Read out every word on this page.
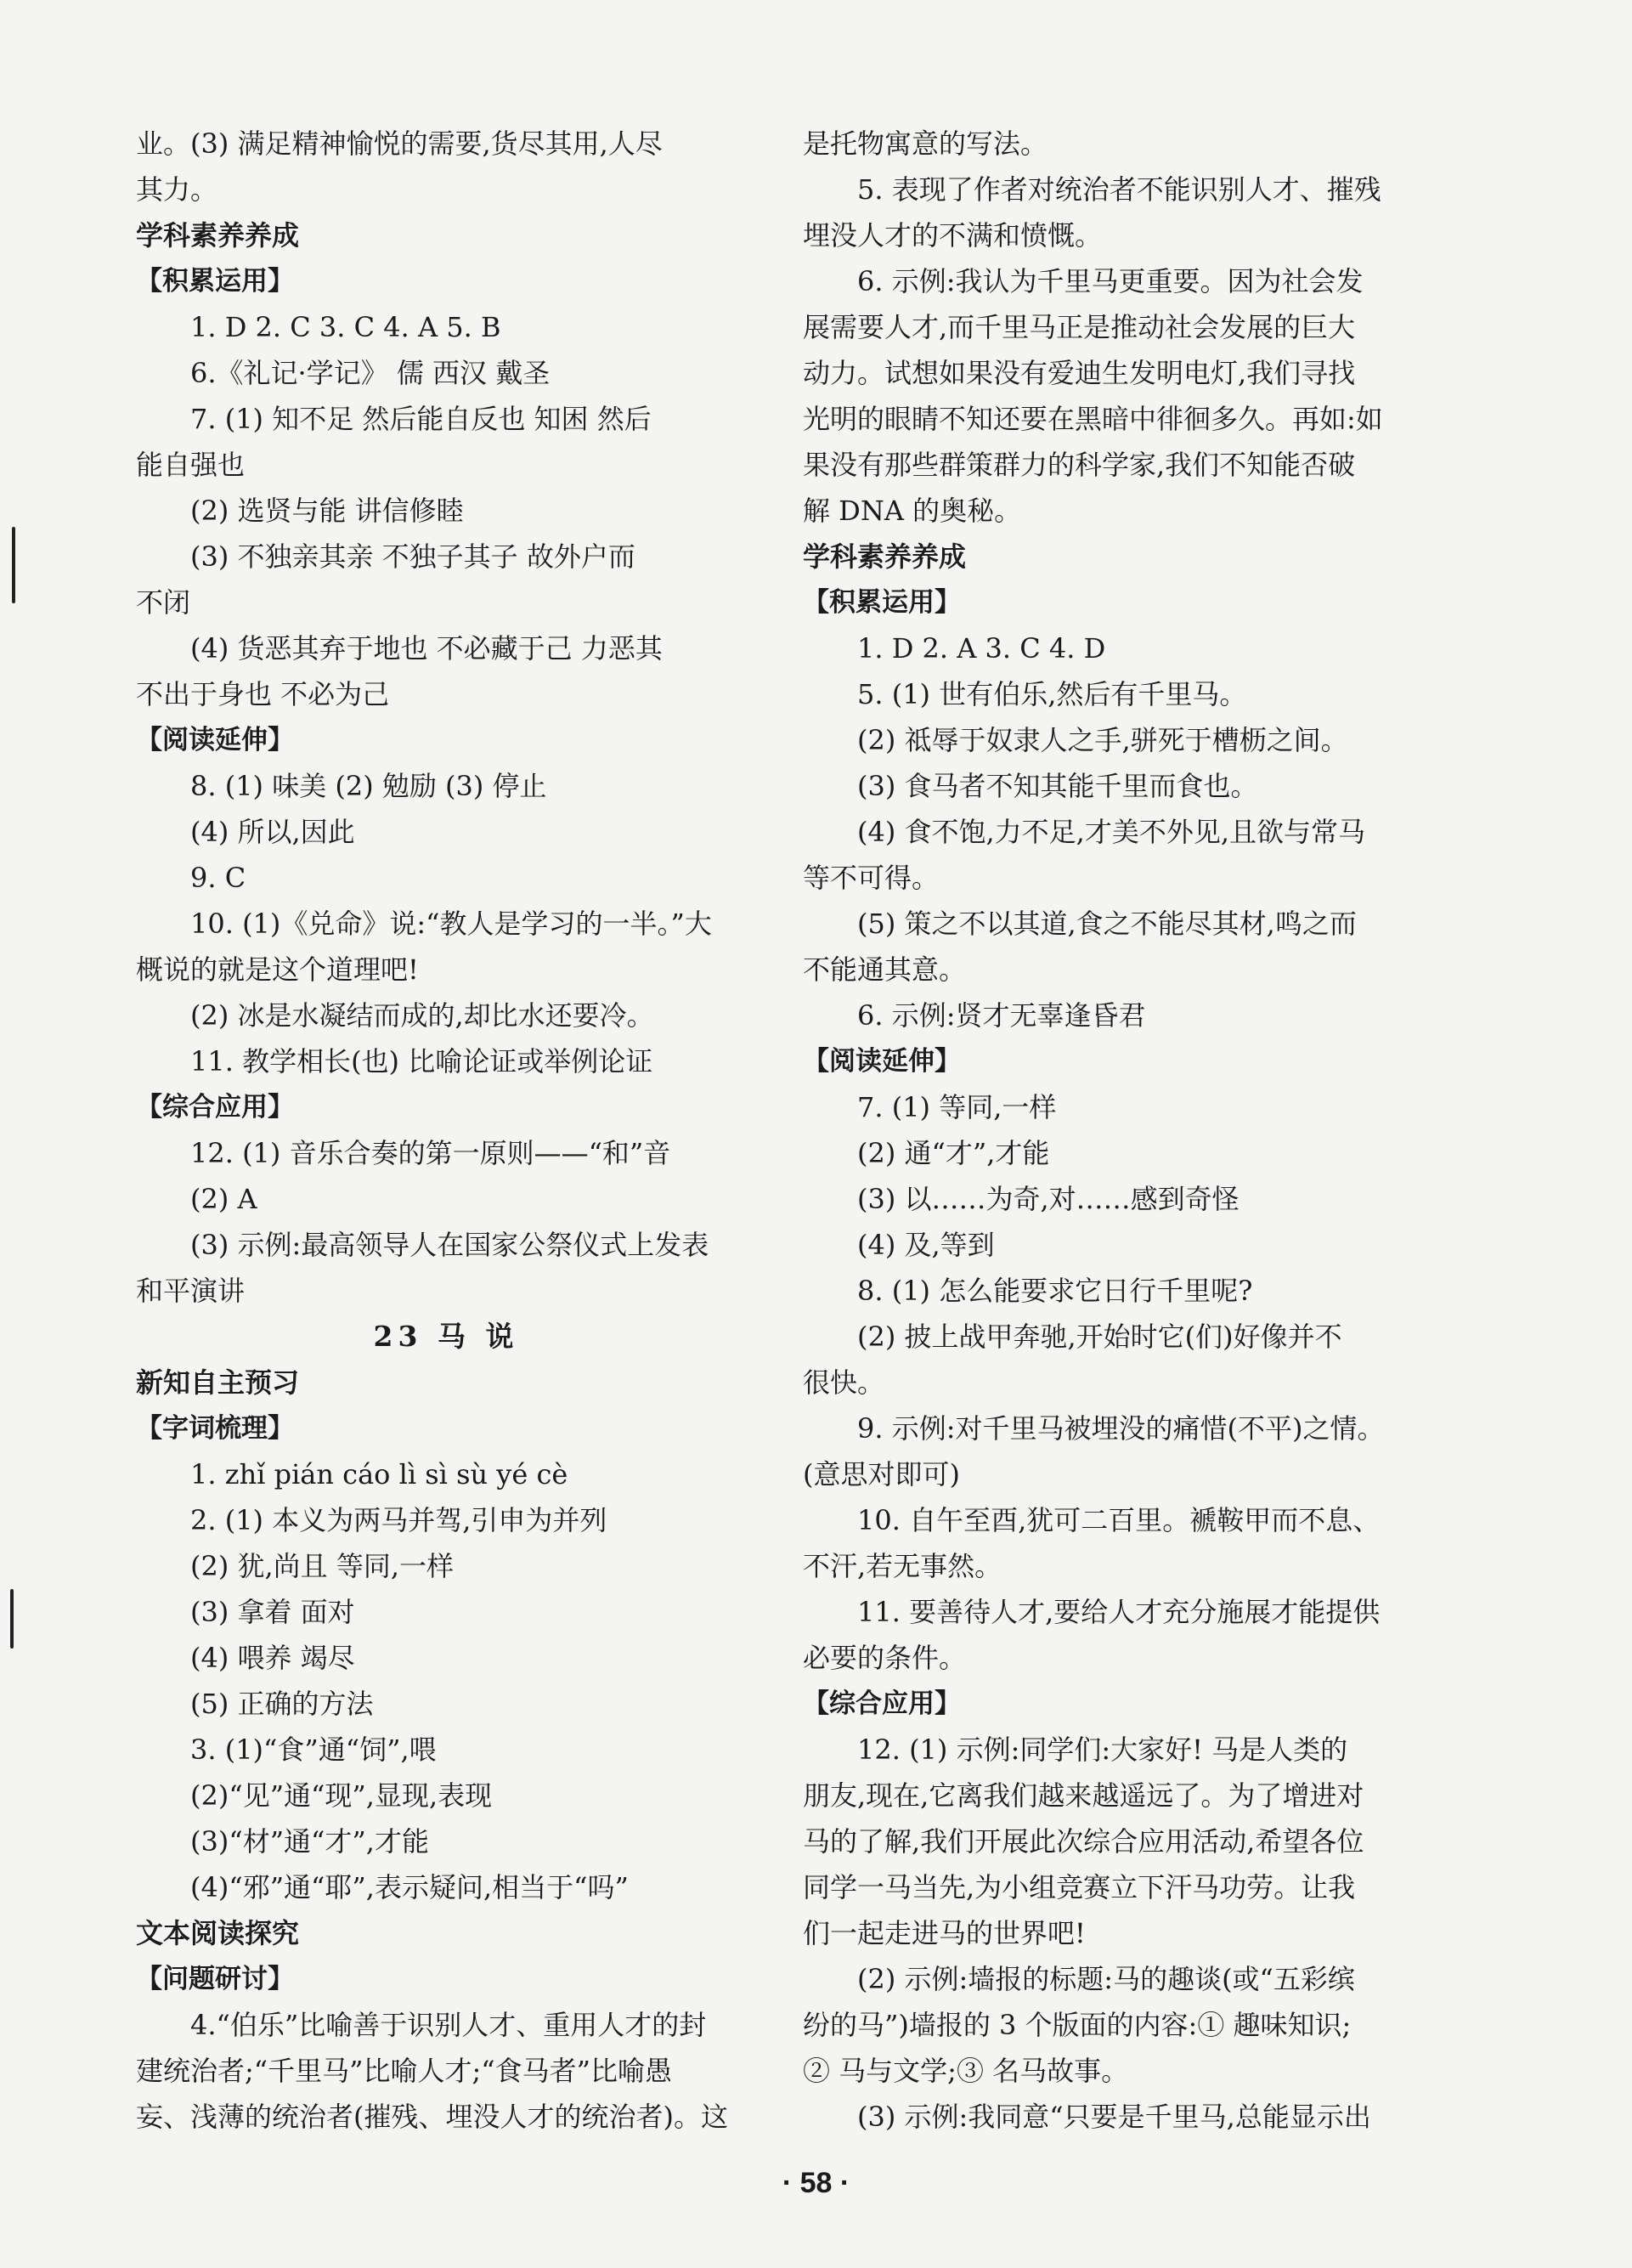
业。(3) 满足精神愉悦的需要,货尽其用,人尽
其力。
学科素养养成
【积累运用】
1. D 2. C 3. C 4. A 5. B
6.《礼记·学记》 儒 西汉 戴圣
7. (1) 知不足 然后能自反也 知困 然后
能自强也
(2) 选贤与能 讲信修睦
(3) 不独亲其亲 不独子其子 故外户而
不闭
(4) 货恶其弃于地也 不必藏于己 力恶其
不出于身也 不必为己
【阅读延伸】
8. (1) 味美 (2) 勉励 (3) 停止
(4) 所以,因此
9. C
10. (1)《兑命》说:“教人是学习的一半。”大
概说的就是这个道理吧!
(2) 冰是水凝结而成的,却比水还要冷。
11. 教学相长(也) 比喻论证或举例论证
【综合应用】
12. (1) 音乐合奏的第一原则——“和”音
(2) A
(3) 示例:最高领导人在国家公祭仪式上发表
和平演讲
23 马 说
新知自主预习
【字词梳理】
1. zhǐ pián cáo lì sì sù yé cè
2. (1) 本义为两马并驾,引申为并列
(2) 犹,尚且 等同,一样
(3) 拿着 面对
(4) 喂养 竭尽
(5) 正确的方法
3. (1)“食”通“饲”,喂
(2)“见”通“现”,显现,表现
(3)“材”通“才”,才能
(4)“邪”通“耶”,表示疑问,相当于“吗”
文本阅读探究
【问题研讨】
4.“伯乐”比喻善于识别人才、重用人才的封
建统治者;“千里马”比喻人才;“食马者”比喻愚
妄、浅薄的统治者(摧残、埋没人才的统治者)。这
是托物寓意的写法。
5. 表现了作者对统治者不能识别人才、摧残
埋没人才的不满和愤慨。
6. 示例:我认为千里马更重要。因为社会发
展需要人才,而千里马正是推动社会发展的巨大
动力。试想如果没有爱迪生发明电灯,我们寻找
光明的眼睛不知还要在黑暗中徘徊多久。再如:如
果没有那些群策群力的科学家,我们不知能否破
解 DNA 的奥秘。
学科素养养成
【积累运用】
1. D 2. A 3. C 4. D
5. (1) 世有伯乐,然后有千里马。
(2) 祗辱于奴隶人之手,骈死于槽枥之间。
(3) 食马者不知其能千里而食也。
(4) 食不饱,力不足,才美不外见,且欲与常马
等不可得。
(5) 策之不以其道,食之不能尽其材,鸣之而
不能通其意。
6. 示例:贤才无辜逢昏君
【阅读延伸】
7. (1) 等同,一样
(2) 通“才”,才能
(3) 以……为奇,对……感到奇怪
(4) 及,等到
8. (1) 怎么能要求它日行千里呢?
(2) 披上战甲奔驰,开始时它(们)好像并不
很快。
9. 示例:对千里马被埋没的痛惜(不平)之情。
(意思对即可)
10. 自午至酉,犹可二百里。褫鞍甲而不息、
不汗,若无事然。
11. 要善待人才,要给人才充分施展才能提供
必要的条件。
【综合应用】
12. (1) 示例:同学们:大家好! 马是人类的
朋友,现在,它离我们越来越遥远了。为了增进对
马的了解,我们开展此次综合应用活动,希望各位
同学一马当先,为小组竞赛立下汗马功劳。让我
们一起走进马的世界吧!
(2) 示例:墙报的标题:马的趣谈(或“五彩缤
纷的马”)墙报的 3 个版面的内容:① 趣味知识;
② 马与文学;③ 名马故事。
(3) 示例:我同意“只要是千里马,总能显示出
· 58 ·
